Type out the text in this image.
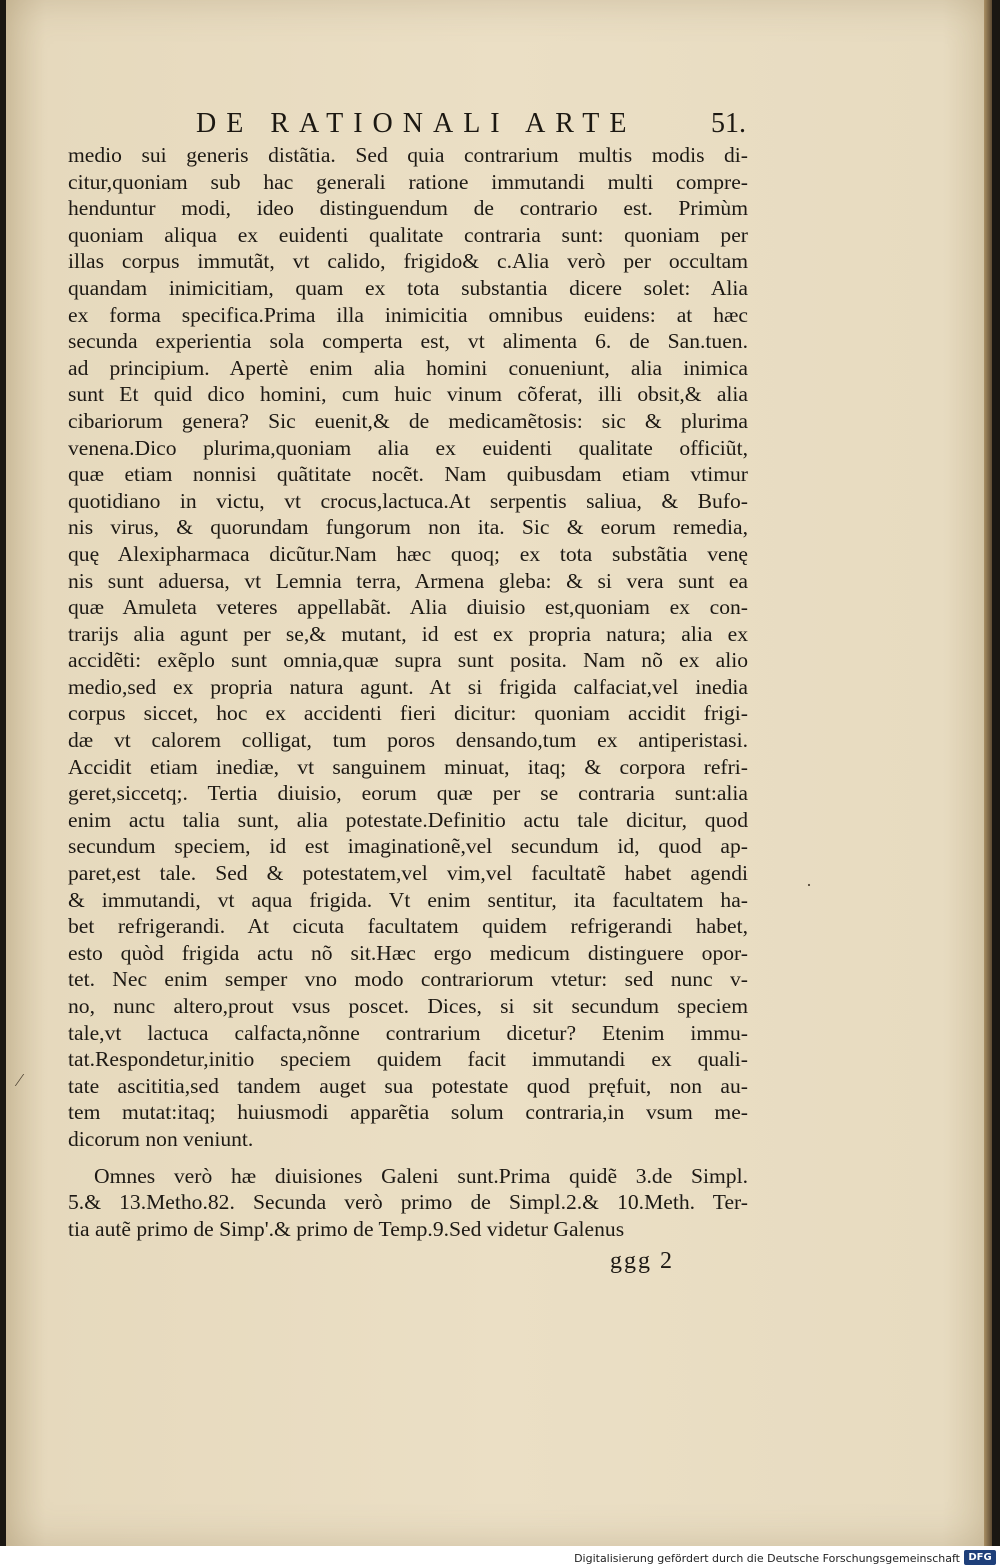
DE RATIONALI ARTE	51.
medio sui generis distãtia. Sed quia contrarium multis modis di-
citur,quoniam sub hac generali ratione immutandi multi compre-
henduntur modi, ideo distinguendum de contrario est. Primùm
quoniam aliqua ex euidenti qualitate contraria sunt: quoniam per
illas corpus immutãt, vt calido, frigido& c.Alia verò per occultam
quandam inimicitiam, quam ex tota substantia dicere solet: Alia
ex forma specifica.Prima illa inimicitia omnibus euidens: at hæc
secunda experientia sola comperta est, vt alimenta 6. de San.tuen.
ad principium. Apertè enim alia homini conueniunt, alia inimica
sunt Et quid dico homini, cum huic vinum cõferat, illi obsit,& alia
cibariorum genera? Sic euenit,& de medicamẽtosis: sic & plurima
venena.Dico plurima,quoniam alia ex euidenti qualitate officiũt,
quæ etiam nonnisi quãtitate nocẽt. Nam quibusdam etiam vtimur
quotidiano in victu, vt crocus,lactuca.At serpentis saliua, & Bufo-
nis virus, & quorundam fungorum non ita. Sic & eorum remedia,
quę Alexipharmaca dicũtur.Nam hæc quoq; ex tota substãtia venę
nis sunt aduersa, vt Lemnia terra, Armena gleba: & si vera sunt ea
quæ Amuleta veteres appellabãt. Alia diuisio est,quoniam ex con-
trarijs alia agunt per se,& mutant, id est ex propria natura; alia ex
accidẽti: exẽplo sunt omnia,quæ supra sunt posita. Nam nõ ex alio
medio,sed ex propria natura agunt. At si frigida calfaciat,vel inedia
corpus siccet, hoc ex accidenti fieri dicitur: quoniam accidit frigi-
dæ vt calorem colligat, tum poros densando,tum ex antiperistasi.
Accidit etiam inediæ, vt sanguinem minuat, itaq; & corpora refri-
geret,siccetq;. Tertia diuisio, eorum quæ per se contraria sunt:alia
enim actu talia sunt, alia potestate.Definitio actu tale dicitur, quod
secundum speciem, id est imaginationẽ,vel secundum id, quod ap-
paret,est tale. Sed & potestatem,vel vim,vel facultatẽ habet agendi
& immutandi, vt aqua frigida. Vt enim sentitur, ita facultatem ha-
bet refrigerandi. At cicuta facultatem quidem refrigerandi habet,
esto quòd frigida actu nõ sit.Hæc ergo medicum distinguere opor-
tet. Nec enim semper vno modo contrariorum vtetur: sed nunc v-
no, nunc altero,prout vsus poscet. Dices, si sit secundum speciem
tale,vt lactuca calfacta,nõnne contrarium dicetur? Etenim immu-
tat.Respondetur,initio speciem quidem facit immutandi ex quali-
tate ascititia,sed tandem auget sua potestate quod pręfuit, non au-
tem mutat:itaq; huiusmodi apparẽtia solum contraria,in vsum me-
dicorum non veniunt.
Omnes verò hæ diuisiones Galeni sunt.Prima quidẽ 3.de Simpl.
5.& 13.Metho.82. Secunda verò primo de Simpl.2.& 10.Meth. Ter-
tia autẽ primo de Simp'.& primo de Temp.9.Sed videtur Galenus
ggg 2
⁄
·
Digitalisierung gefördert durch die Deutsche Forschungsgemeinschaft DFG
